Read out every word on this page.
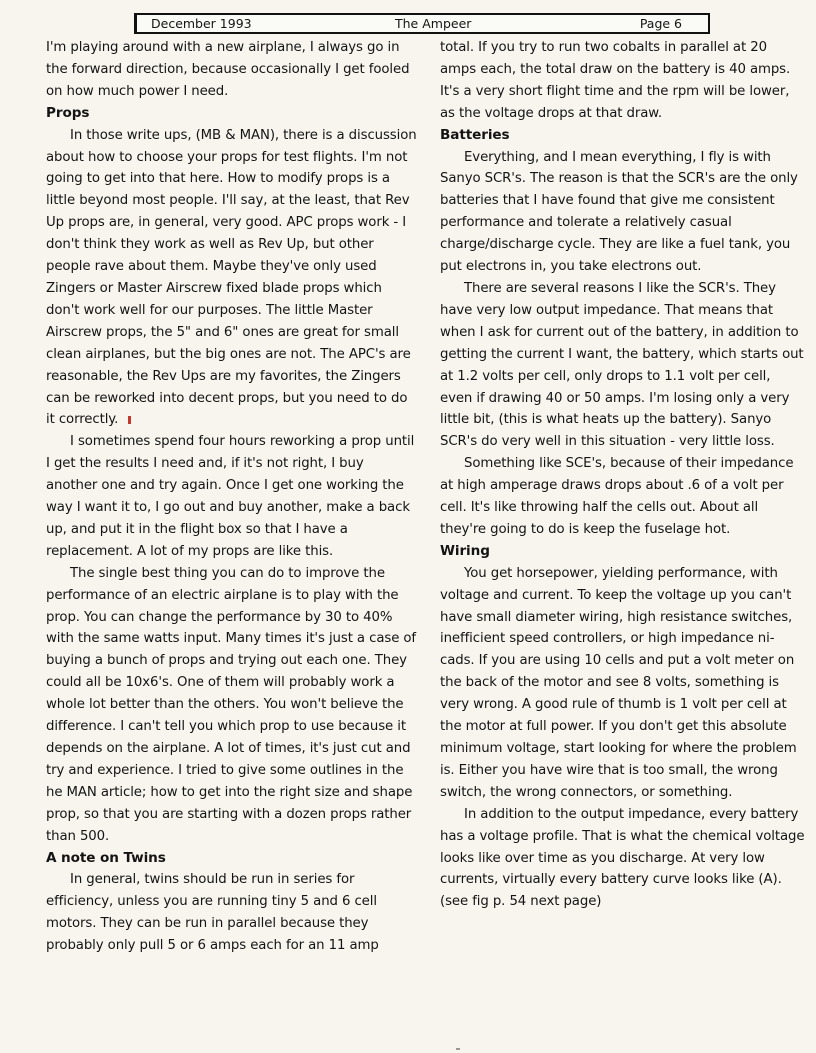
December 1993	The Ampeer	Page 6

I'm playing around with a new airplane, I always go in the forward direction, because occasionally I get fooled on how much power I need.

Props

In those write ups, (MB & MAN), there is a discussion about how to choose your props for test flights. I'm not going to get into that here. How to modify props is a little beyond most people. I'll say, at the least, that Rev Up props are, in general, very good. APC props work - I don't think they work as well as Rev Up, but other people rave about them. Maybe they've only used Zingers or Master Airscrew fixed blade props which don't work well for our purposes. The little Master Airscrew props, the 5" and 6" ones are great for small clean airplanes, but the big ones are not. The APC's are reasonable, the Rev Ups are my favorites, the Zingers can be reworked into decent props, but you need to do it correctly.

I sometimes spend four hours reworking a prop until I get the results I need and, if it's not right, I buy another one and try again. Once I get one working the way I want it to, I go out and buy another, make a back up, and put it in the flight box so that I have a replacement. A lot of my props are like this.

The single best thing you can do to improve the performance of an electric airplane is to play with the prop. You can change the performance by 30 to 40% with the same watts input. Many times it's just a case of buying a bunch of props and trying out each one. They could all be 10x6's. One of them will probably work a whole lot better than the others. You won't believe the difference. I can't tell you which prop to use because it depends on the airplane. A lot of times, it's just cut and try and experience. I tried to give some outlines in the he MAN article; how to get into the right size and shape prop, so that you are starting with a dozen props rather than 500.

A note on Twins

In general, twins should be run in series for efficiency, unless you are running tiny 5 and 6 cell motors. They can be run in parallel because they probably only pull 5 or 6 amps each for an 11 amp

total. If you try to run two cobalts in parallel at 20 amps each, the total draw on the battery is 40 amps. It's a very short flight time and the rpm will be lower, as the voltage drops at that draw.

Batteries

Everything, and I mean everything, I fly is with Sanyo SCR's. The reason is that the SCR's are the only batteries that I have found that give me consistent performance and tolerate a relatively casual charge/discharge cycle. They are like a fuel tank, you put electrons in, you take electrons out.

There are several reasons I like the SCR's. They have very low output impedance. That means that when I ask for current out of the battery, in addition to getting the current I want, the battery, which starts out at 1.2 volts per cell, only drops to 1.1 volt per cell, even if drawing 40 or 50 amps. I'm losing only a very little bit, (this is what heats up the battery). Sanyo SCR's do very well in this situation - very little loss.

Something like SCE's, because of their impedance at high amperage draws drops about .6 of a volt per cell. It's like throwing half the cells out. About all they're going to do is keep the fuselage hot.

Wiring

You get horsepower, yielding performance, with voltage and current. To keep the voltage up you can't have small diameter wiring, high resistance switches, inefficient speed controllers, or high impedance ni-cads. If you are using 10 cells and put a volt meter on the back of the motor and see 8 volts, something is very wrong. A good rule of thumb is 1 volt per cell at the motor at full power. If you don't get this absolute minimum voltage, start looking for where the problem is. Either you have wire that is too small, the wrong switch, the wrong connectors, or something.

In addition to the output impedance, every battery has a voltage profile. That is what the chemical voltage looks like over time as you discharge. At very low currents, virtually every battery curve looks like (A). (see fig p. 54 next page)
